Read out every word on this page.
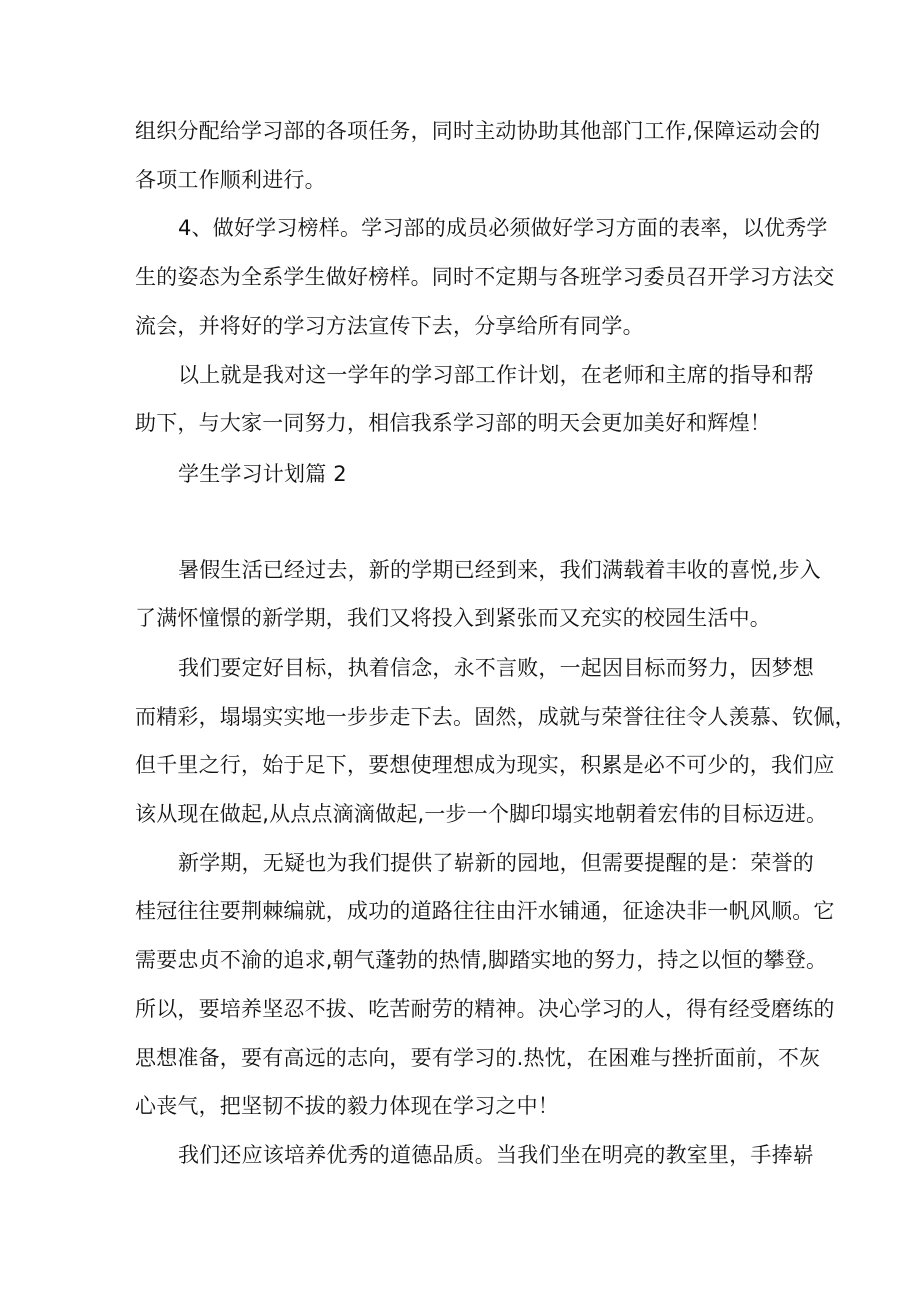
组织分配给学习部的各项任务，同时主动协助其他部门工作,保障运动会的
各项工作顺利进行。
4、做好学习榜样。学习部的成员必须做好学习方面的表率，以优秀学
生的姿态为全系学生做好榜样。同时不定期与各班学习委员召开学习方法交
流会，并将好的学习方法宣传下去，分享给所有同学。
以上就是我对这一学年的学习部工作计划，在老师和主席的指导和帮
助下，与大家一同努力，相信我系学习部的明天会更加美好和辉煌！
学生学习计划篇 2
暑假生活已经过去，新的学期已经到来，我们满载着丰收的喜悦,步入
了满怀憧憬的新学期，我们又将投入到紧张而又充实的校园生活中。
我们要定好目标，执着信念，永不言败，一起因目标而努力，因梦想
而精彩，塌塌实实地一步步走下去。固然，成就与荣誉往往令人羡慕、钦佩，
但千里之行，始于足下，要想使理想成为现实，积累是必不可少的，我们应
该从现在做起,从点点滴滴做起,一步一个脚印塌实地朝着宏伟的目标迈进。
新学期，无疑也为我们提供了崭新的园地，但需要提醒的是：荣誉的
桂冠往往要荆棘编就，成功的道路往往由汗水铺通，征途决非一帆风顺。它
需要忠贞不渝的追求,朝气蓬勃的热情,脚踏实地的努力，持之以恒的攀登。
所以，要培养坚忍不拔、吃苦耐劳的精神。决心学习的人，得有经受磨练的
思想准备，要有高远的志向，要有学习的.热忱，在困难与挫折面前，不灰
心丧气，把坚韧不拔的毅力体现在学习之中！
我们还应该培养优秀的道德品质。当我们坐在明亮的教室里，手捧崭
